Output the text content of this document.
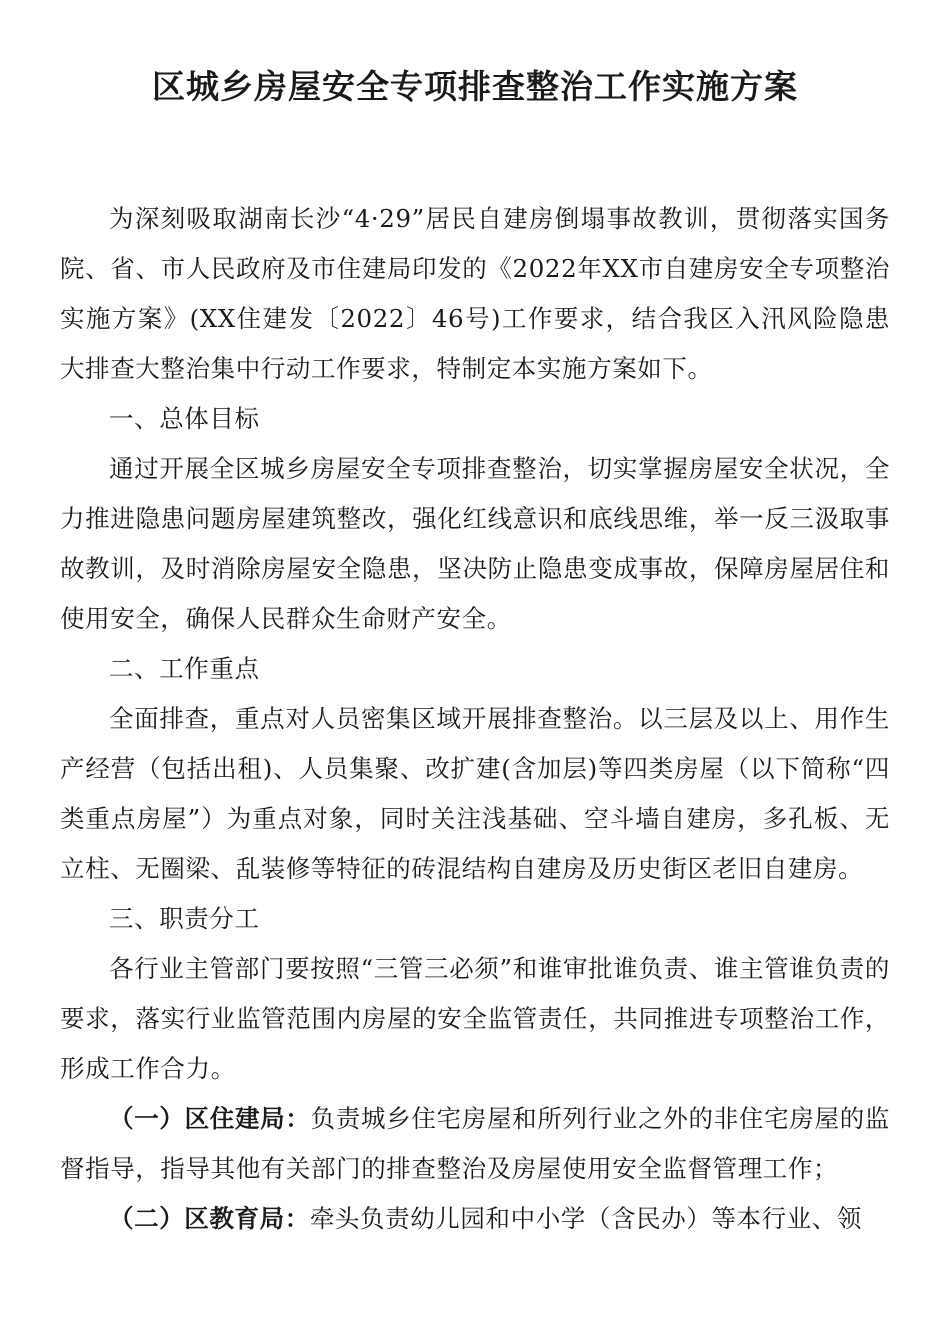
区城乡房屋安全专项排查整治工作实施方案

为深刻吸取湖南长沙“4·29”居民自建房倒塌事故教训，贯彻落实国务院、省、市人民政府及市住建局印发的《2022年XX市自建房安全专项整治实施方案》(XX住建发〔2022〕46号)工作要求，结合我区入汛风险隐患大排查大整治集中行动工作要求，特制定本实施方案如下。

一、总体目标

通过开展全区城乡房屋安全专项排查整治，切实掌握房屋安全状况，全力推进隐患问题房屋建筑整改，强化红线意识和底线思维，举一反三汲取事故教训，及时消除房屋安全隐患，坚决防止隐患变成事故，保障房屋居住和使用安全，确保人民群众生命财产安全。

二、工作重点

全面排查，重点对人员密集区域开展排查整治。以三层及以上、用作生产经营（包括出租)、人员集聚、改扩建(含加层)等四类房屋（以下简称“四类重点房屋”）为重点对象，同时关注浅基础、空斗墙自建房，多孔板、无立柱、无圈梁、乱装修等特征的砖混结构自建房及历史街区老旧自建房。

三、职责分工

各行业主管部门要按照“三管三必须”和谁审批谁负责、谁主管谁负责的要求，落实行业监管范围内房屋的安全监管责任，共同推进专项整治工作，形成工作合力。

（一）区住建局：负责城乡住宅房屋和所列行业之外的非住宅房屋的监督指导，指导其他有关部门的排查整治及房屋使用安全监督管理工作；

（二）区教育局：牵头负责幼儿园和中小学（含民办）等本行业、领
